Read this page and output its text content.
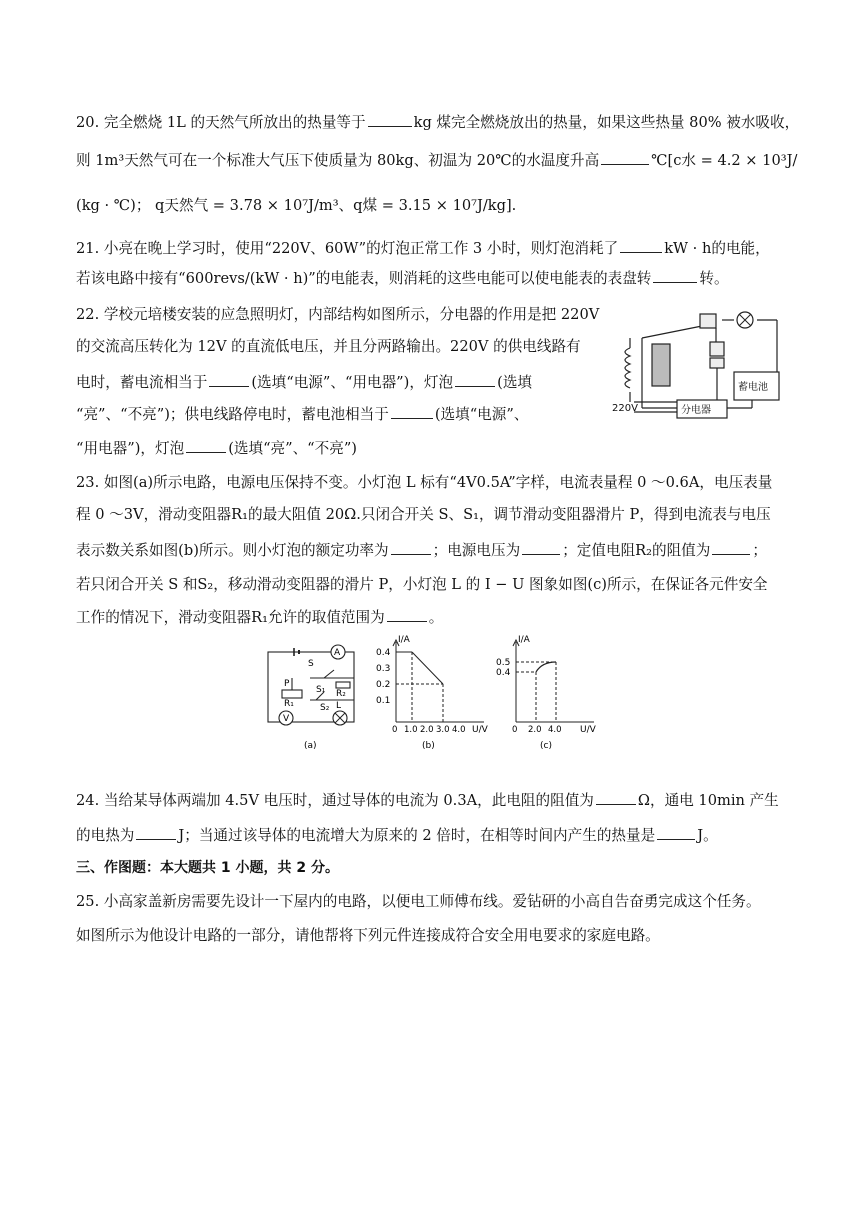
20. 完全燃烧 1L 的天然气所放出的热量等于	kg 煤完全燃烧放出的热量，如果这些热量 80% 被水吸收，
则 1m³天然气可在一个标准大气压下使质量为 80kg、初温为 20℃的水温度升高	℃[c水 = 4.2 × 10³J/
(kg · ℃)； q天然气 = 3.78 × 10⁷J/m³、q煤 = 3.15 × 10⁷J/kg].
21. 小亮在晚上学习时，使用“220V、60W”的灯泡正常工作 3 小时，则灯泡消耗了	kW · h的电能，
若该电路中接有“600revs/(kW · h)”的电能表，则消耗的这些电能可以使电能表的表盘转	转。
22. 学校元培楼安装的应急照明灯，内部结构如图所示，分电器的作用是把 220V
的交流高压转化为 12V 的直流低电压，并且分两路输出。220V 的供电线路有
电时，蓄电流相当于	(选填“电源”、“用电器”)，灯泡	(选填
“亮”、“不亮”)；供电线路停电时，蓄电池相当于	(选填“电源”、
“用电器”)，灯泡	(选填“亮”、“不亮”)
蓄电池
分电器
220V
23. 如图(a)所示电路，电源电压保持不变。小灯泡 L 标有“4V0.5A”字样，电流表量程 0 ～0.6A，电压表量
程 0 ～3V，滑动变阻器R₁的最大阻值 20Ω.只闭合开关 S、S₁，调节滑动变阻器滑片 P，得到电流表与电压
表示数关系如图(b)所示。则小灯泡的额定功率为	；电源电压为	；定值电阻R₂的阻值为	；
若只闭合开关 S 和S₂，移动滑动变阻器的滑片 P，小灯泡 L 的 I − U 图象如图(c)所示，在保证各元件安全
工作的情况下，滑动变阻器R₁允许的取值范围为	。
S
A
P
S₁ R₂
R₁
V
S₂ L
(a)
I/A
0.4
0.3
0.2
0.1
0 1.0 2.0 3.0 4.0 U/V
(b)
I/A
0.5
0.4
0 2.0 4.0 U/V
(c)
24. 当给某导体两端加 4.5V 电压时，通过导体的电流为 0.3A，此电阻的阻值为	Ω，通电 10min 产生
的电热为	J；当通过该导体的电流增大为原来的 2 倍时，在相等时间内产生的热量是	J。
三、作图题：本大题共 1 小题，共 2 分。
25. 小高家盖新房需要先设计一下屋内的电路，以便电工师傅布线。爱钻研的小高自告奋勇完成这个任务。
如图所示为他设计电路的一部分，请他帮将下列元件连接成符合安全用电要求的家庭电路。
